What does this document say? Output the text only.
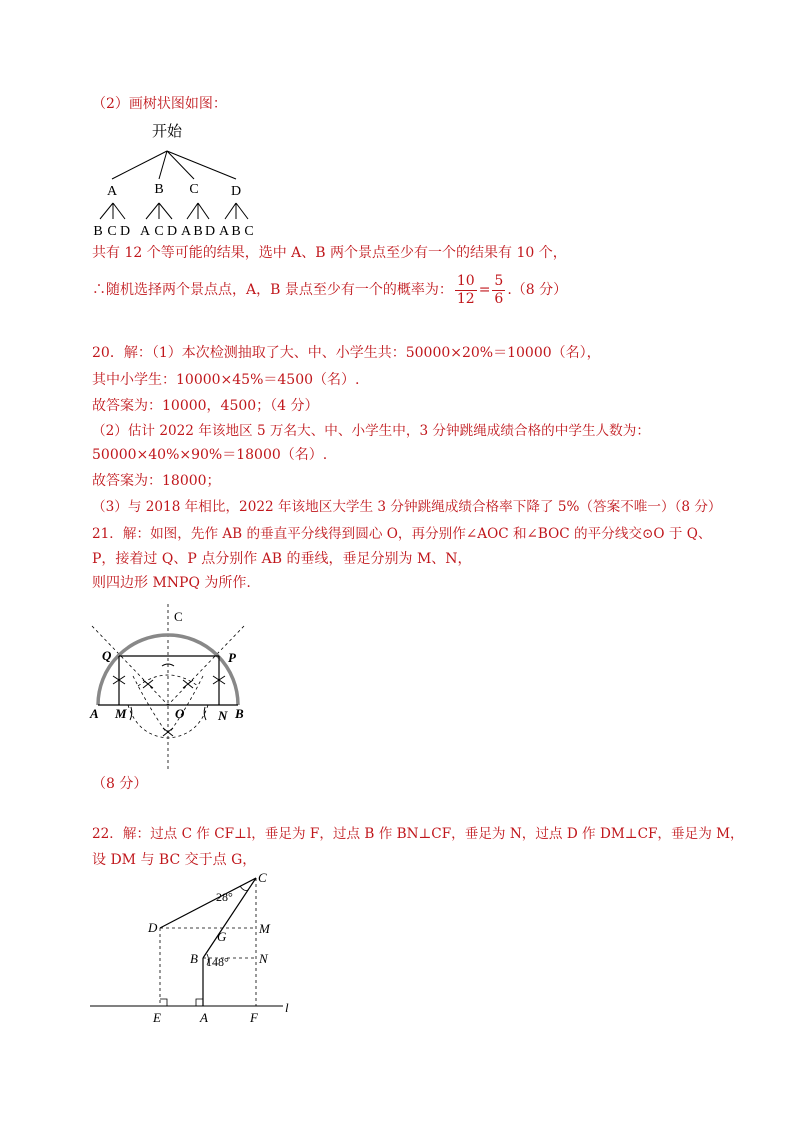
（2）画树状图如图：
开始
A	B C D
B C D A C D A B D A B C
共有 12 个等可能的结果，选中 A、B 两个景点至少有一个的结果有 10 个，
∴随机选择两个景点点，A，B 景点至少有一个的概率为： $\frac{10}{12} = \frac{5}{6} .(8$ 分）
20．解：（1）本次检测抽取了大、中、小学生共：50000×20%＝10000（名），
其中小学生：10000×45%＝4500（名）.
故答案为：10000，4500；（4 分）
（2）估计 2022 年该地区 5 万名大、中、小学生中，3 分钟跳绳成绩合格的中学生人数为：
50000×40%×90%＝18000（名）.
故答案为：18000；
（3）与 2018 年相比，2022 年该地区大学生 3 分钟跳绳成绩合格率下降了 5%（答案不唯一）（8 分）
21．解：如图，先作 AB 的垂直平分线得到圆心 O，再分别作∠AOC 和∠BOC 的平分线交⊙O 于 Q、
P，接着过 Q、P 点分别作 AB 的垂线，垂足分别为 M、N，
则四边形 MNPQ 为所作.
C
Q	P
A M	O	N B
（8 分）
22．解：过点 C 作 CF⊥l，垂足为 F，过点 B 作 BN⊥CF，垂足为 N，过点 D 作 DM⊥CF，垂足为 M，
设 DM 与 BC 交于点 G，
C
D	M
G
B	N
E	A	F
l
28°
148°
